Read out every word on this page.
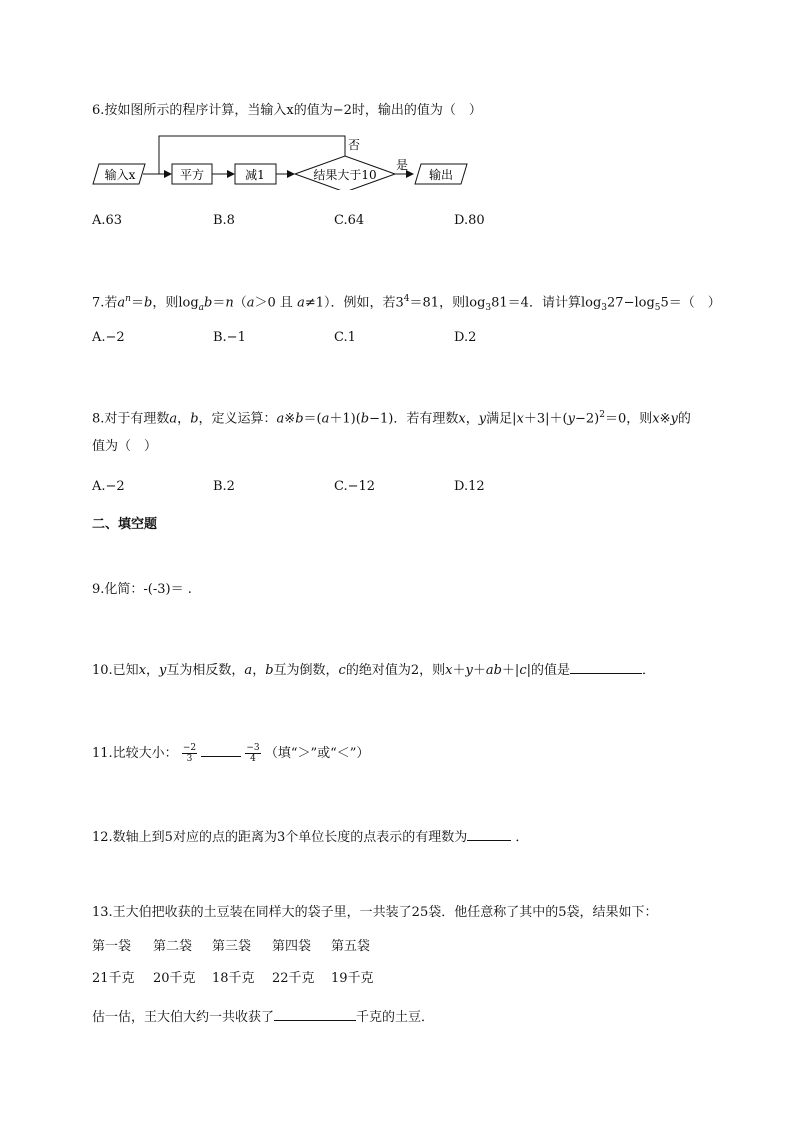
6.按如图所示的程序计算，当输入x的值为−2时，输出的值为（　）
输入x	平方	减1	结果大于10
否
是
输出
A.63	B.8	C.64	D.80
7.若$a^n=b$，则$\log_ab=n(a>0$ 且 a≠1）．例如，若$3^4=81$，则$\log_381=4$．请计算$\log_327-\log_55=$（　）
A.−2	B.−1	C.1	D.2
8.对于有理数a，b，定义运算：a※b＝(a＋1)(b−1)．若有理数x，y满足$|x+3|+(y-2)^2=0$，则x※y的
值为（　）
A.−2	B.2	C.−12	D.12
二、填空题
9.化简：-(-3)＝ .
10.已知x，y互为相反数，a，b互为倒数，c的绝对值为2，则x＋y＋ab＋|c|的值是	．
11.比较大小： $\frac{-2}{3}$
	$\frac{-3}{4}$ （填“＞”或“＜”）
12.数轴上到5对应的点的距离为3个单位长度的点表示的有理数为	．
13.王大伯把收获的土豆装在同样大的袋子里，一共装了25袋．他任意称了其中的5袋，结果如下：
第一袋 第二袋 第三袋 第四袋 第五袋
21千克 20千克 18千克 22千克 19千克
估一估，王大伯大约一共收获了	千克的土豆．
